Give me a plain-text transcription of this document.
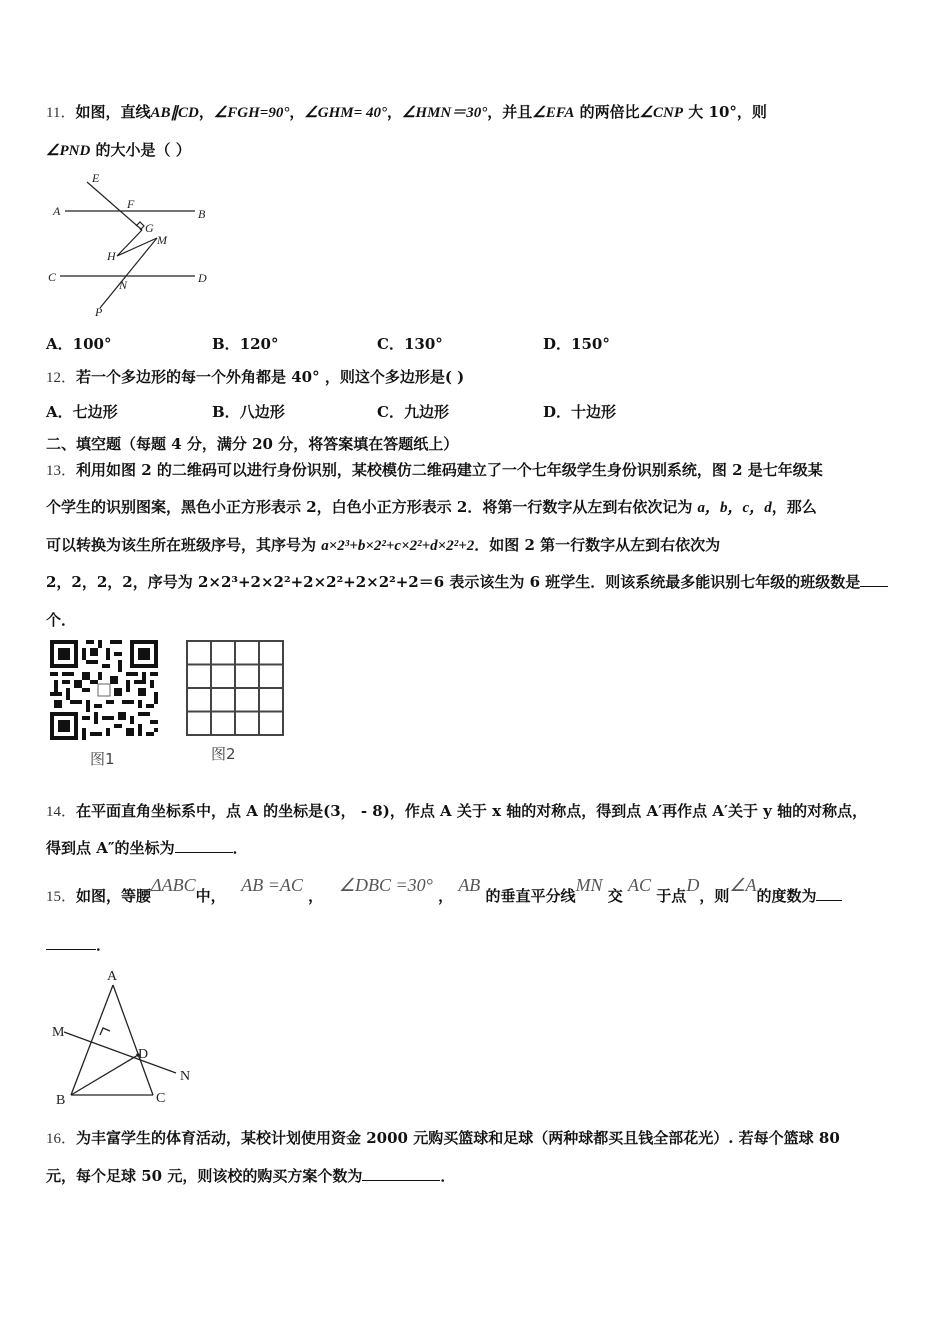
11．如图，直线AB∥CD，∠FGH=90°，∠GHM= 40°，∠HMN＝30°，并且∠EFA 的两倍比∠CNP 大 10°，则
∠PND 的大小是（ ）
E
F
A	B
G
M
H
C	D
N
P
A．100°	B．120°	C．130°	D．150°
12．若一个多边形的每一个外角都是 40° ，则这个多边形是( )
A．七边形	B．八边形	C．九边形	D．十边形
二、填空题（每题 4 分，满分 20 分，将答案填在答题纸上）
13．利用如图 2 的二维码可以进行身份识别，某校模仿二维码建立了一个七年级学生身份识别系统，图 2 是七年级某
个学生的识别图案，黑色小正方形表示 2，白色小正方形表示 2．将第一行数字从左到右依次记为 a，b，c，d，那么
可以转换为该生所在班级序号，其序号为 a×2³+b×2²+c×2²+d×2²+2．如图 2 第一行数字从左到右依次为
2，2，2，2，序号为 2×2³+2×2²+2×2²+2×2²+2＝6 表示该生为 6 班学生．则该系统最多能识别七年级的班级数是
个．
图1	图2
14．在平面直角坐标系中，点 A 的坐标是(3， - 8)，作点 A 关于 x 轴的对称点，得到点 A′再作点 A′关于 y 轴的对称点，
得到点 A″的坐标为	．
15．如图，等腰ΔABC中，   AB =AC ，   ∠DBC =30° ， AB 的垂直平分线MN 交 AC 于点D，则∠A的度数为
．
A
M
D
N
B	C
16．为丰富学生的体育活动，某校计划使用资金 2000 元购买篮球和足球（两种球都买且钱全部花光）. 若每个篮球 80
元，每个足球 50 元，则该校的购买方案个数为	．
